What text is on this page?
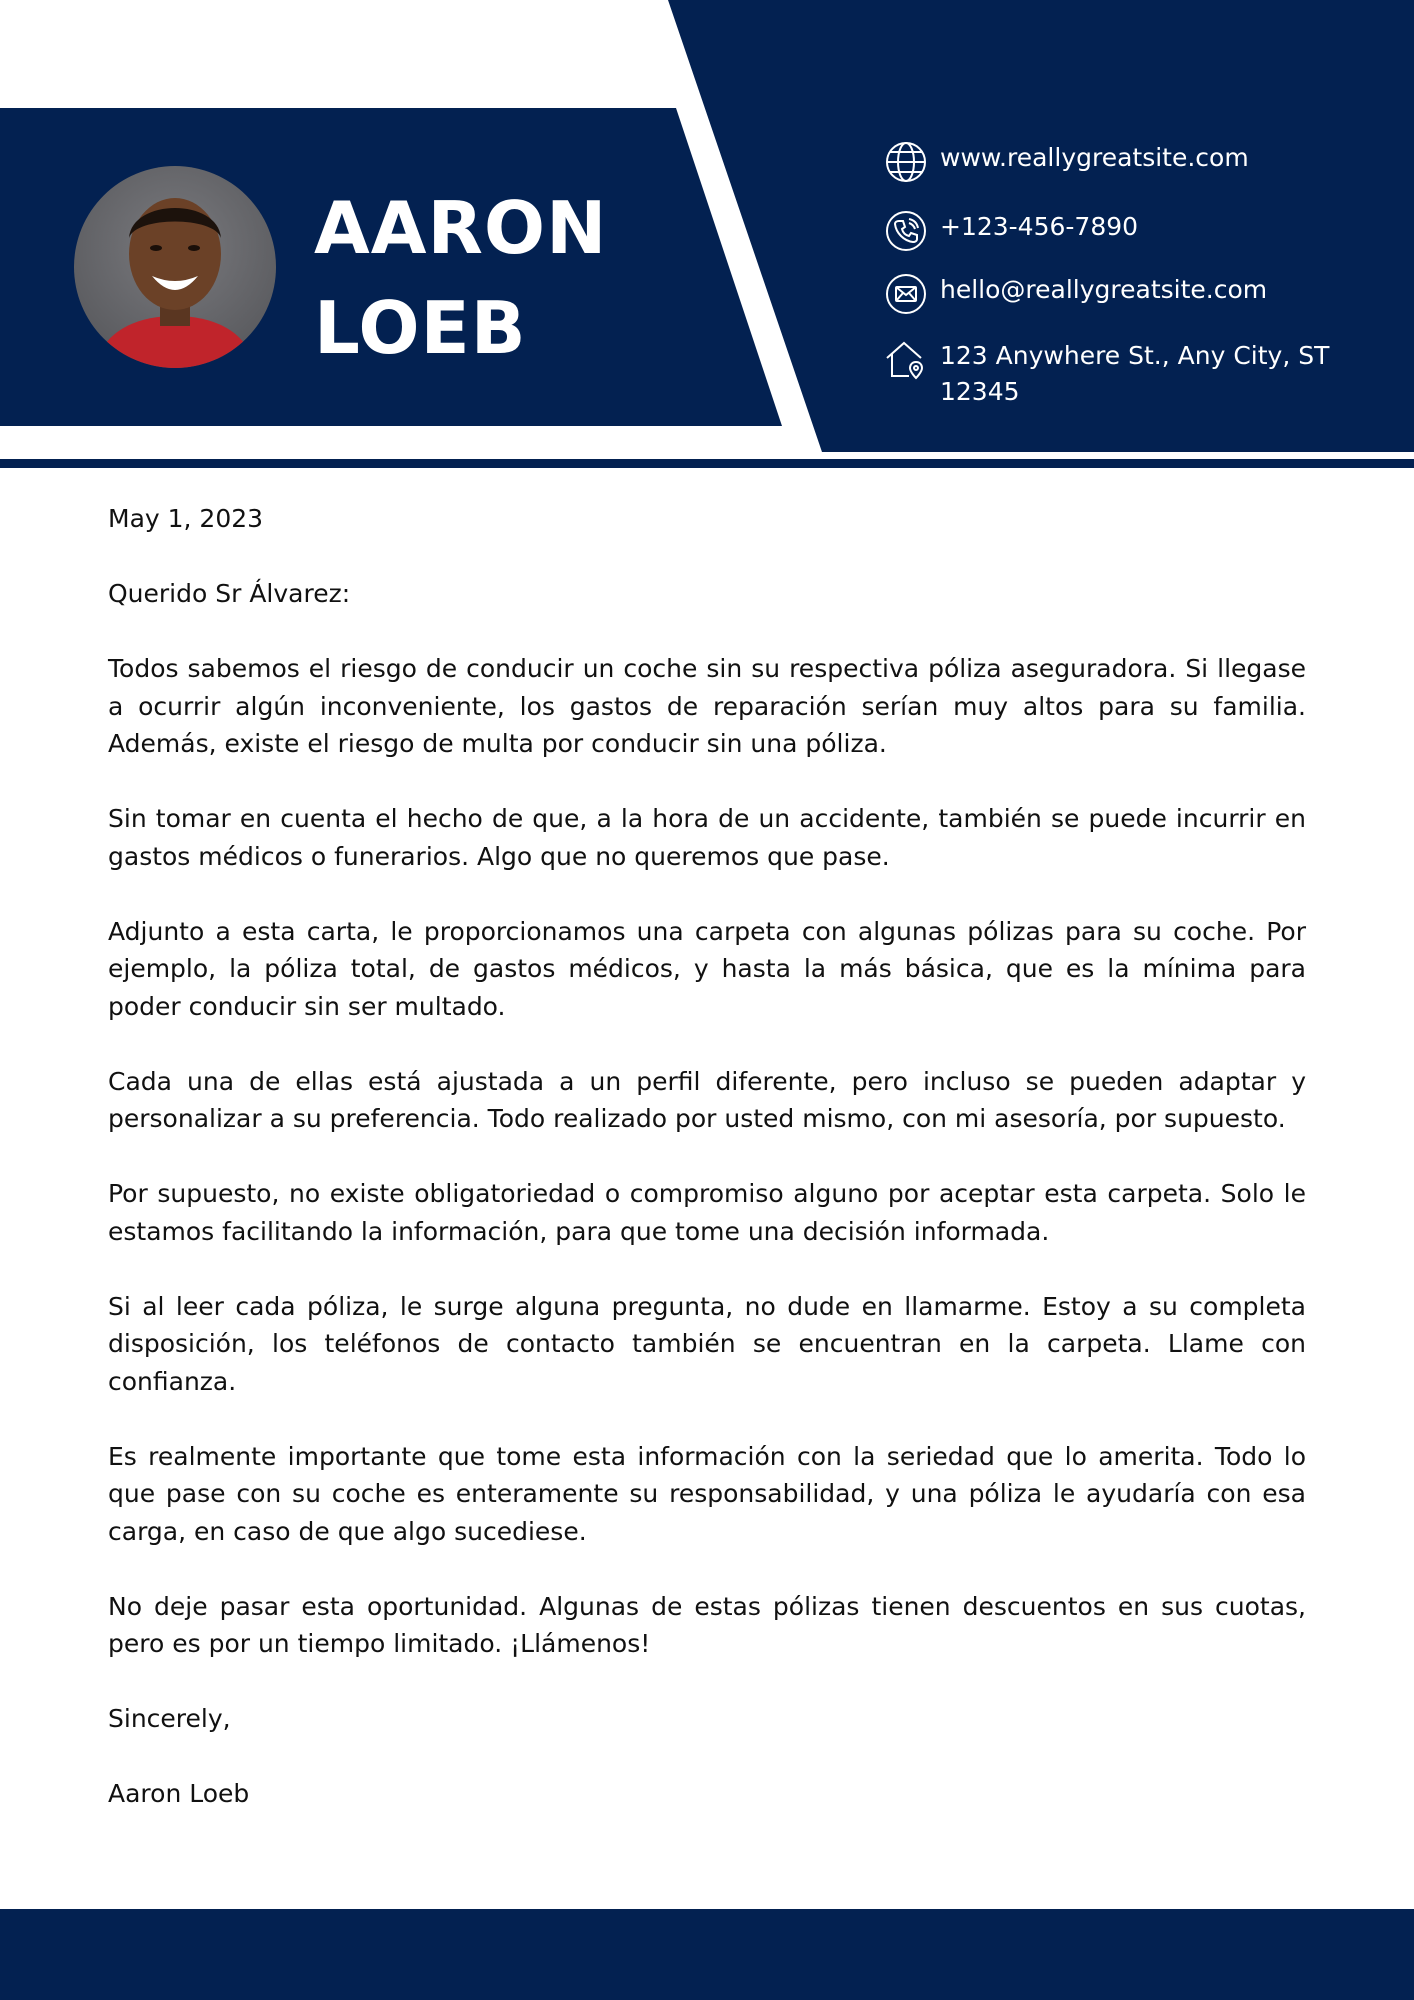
AARON
LOEB
www.reallygreatsite.com
+123-456-7890
hello@reallygreatsite.com
123 Anywhere St., Any City, ST 12345

May 1, 2023

Querido Sr Álvarez:

Todos sabemos el riesgo de conducir un coche sin su respectiva póliza aseguradora. Si llegase a ocurrir algún inconveniente, los gastos de reparación serían muy altos para su familia. Además, existe el riesgo de multa por conducir sin una póliza.

Sin tomar en cuenta el hecho de que, a la hora de un accidente, también se puede incurrir en gastos médicos o funerarios. Algo que no queremos que pase.

Adjunto a esta carta, le proporcionamos una carpeta con algunas pólizas para su coche. Por ejemplo, la póliza total, de gastos médicos, y hasta la más básica, que es la mínima para poder conducir sin ser multado.

Cada una de ellas está ajustada a un perfil diferente, pero incluso se pueden adaptar y personalizar a su preferencia. Todo realizado por usted mismo, con mi asesoría, por supuesto.

Por supuesto, no existe obligatoriedad o compromiso alguno por aceptar esta carpeta. Solo le estamos facilitando la información, para que tome una decisión informada.

Si al leer cada póliza, le surge alguna pregunta, no dude en llamarme. Estoy a su completa disposición, los teléfonos de contacto también se encuentran en la carpeta. Llame con confianza.

Es realmente importante que tome esta información con la seriedad que lo amerita. Todo lo que pase con su coche es enteramente su responsabilidad, y una póliza le ayudaría con esa carga, en caso de que algo sucediese.

No deje pasar esta oportunidad. Algunas de estas pólizas tienen descuentos en sus cuotas, pero es por un tiempo limitado. ¡Llámenos!

Sincerely,

Aaron Loeb
